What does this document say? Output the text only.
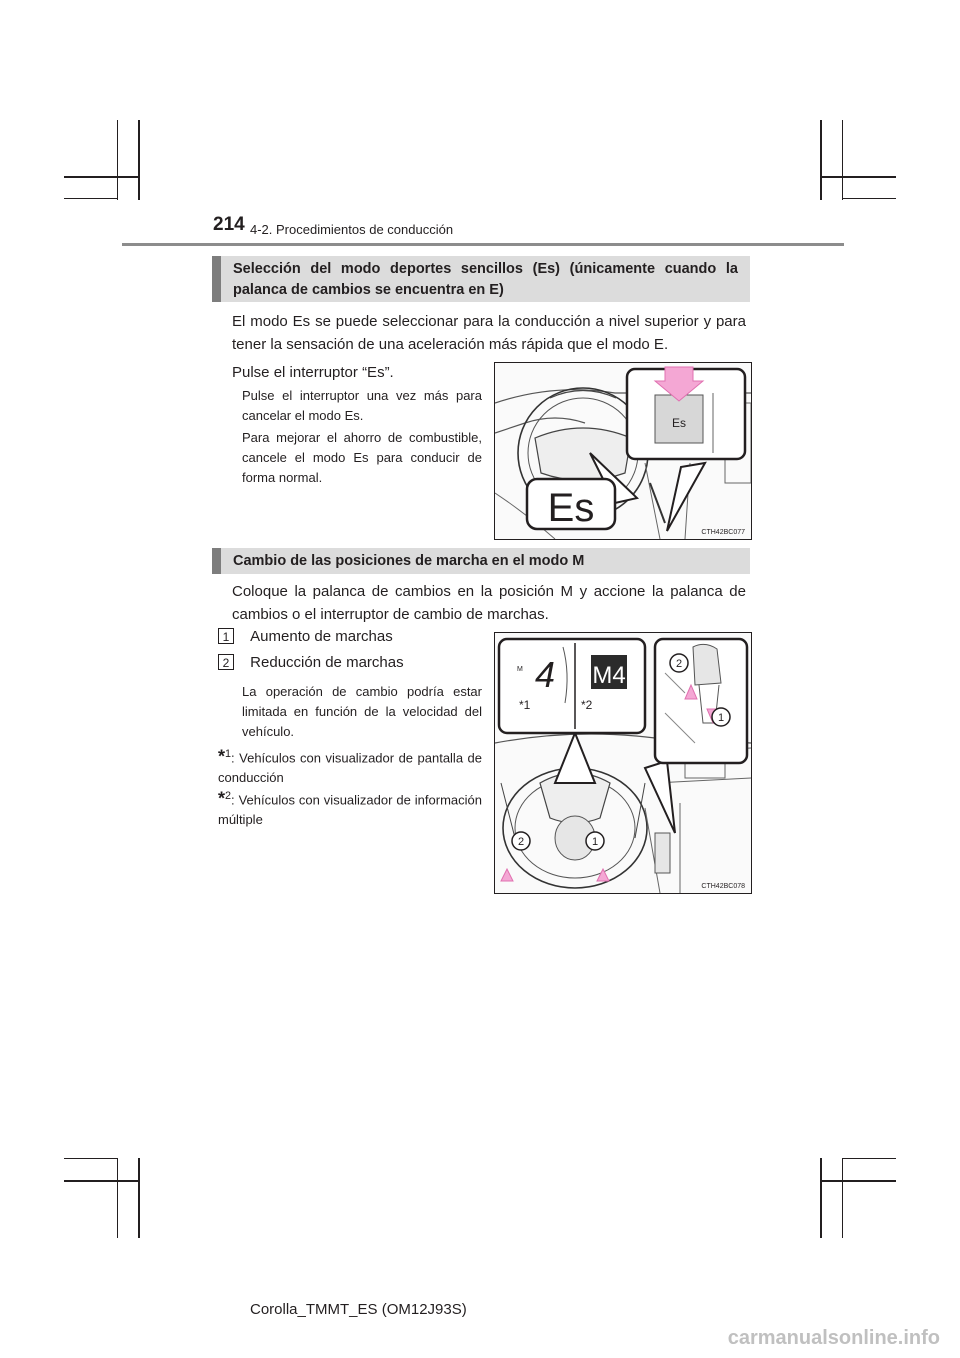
214 4-2. Procedimientos de conducción
Selección del modo deportes sencillos (Es) (únicamente cuando la
palanca de cambios se encuentra en E)
El modo Es se puede seleccionar para la conducción a nivel superior y para
tener la sensación de una aceleración más rápida que el modo E.
Pulse el interruptor “Es”.
Pulse el interruptor una vez más para cancelar el modo Es.
Para mejorar el ahorro de combustible, cancele el modo Es para conducir de forma normal.
Es
Es
CTH42BC077
Cambio de las posiciones de marcha en el modo M
Coloque la palanca de cambios en la posición M y accione la palanca de
cambios o el interruptor de cambio de marchas.
1 Aumento de marchas
2 Reducción de marchas
La operación de cambio podría estar limitada en función de la velocidad del vehículo.
*$^1$: Vehículos con visualizador de pantalla de conducción
*$^2$: Vehículos con visualizador de información múltiple
M 4 M4
*1	*2
2
1
2	1
CTH42BC078
Corolla_TMMT_ES (OM12J93S)
carmanualsonline.info
